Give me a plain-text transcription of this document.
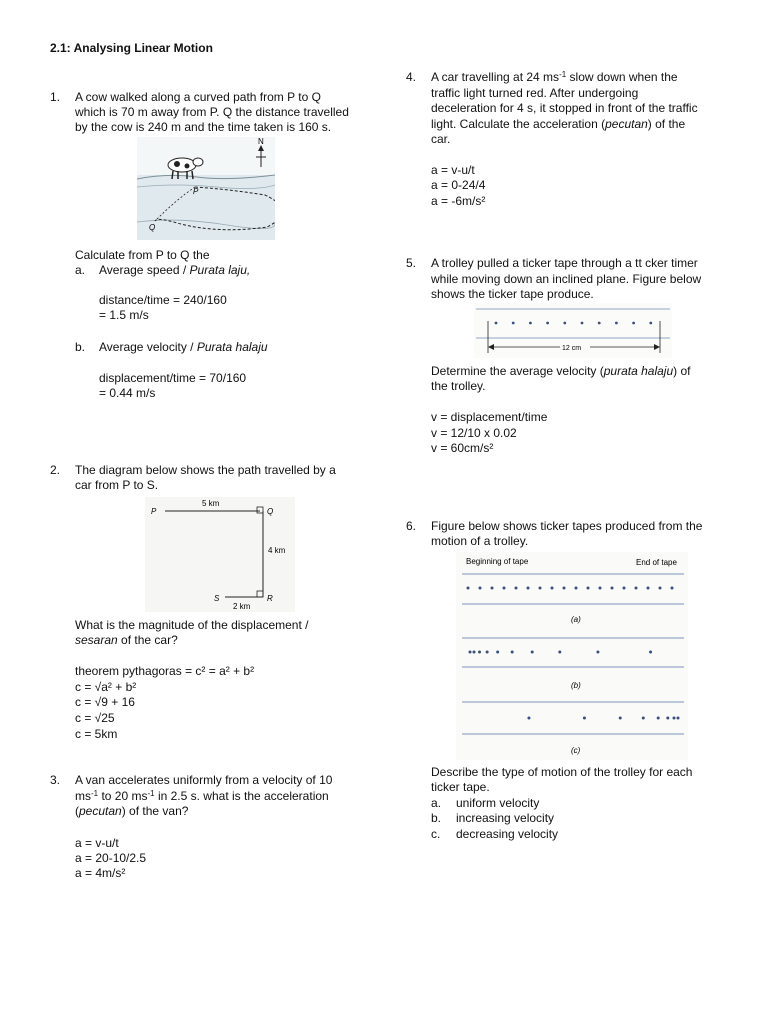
2.1: Analysing Linear Motion
1. A cow walked along a curved path from P to Q
which is 70 m away from P. Q the distance travelled
by the cow is 240 m and the time taken is 160 s.
N
P
Q
Calculate from P to Q the
a. Average speed / Purata laju,
distance/time = 240/160
= 1.5 m/s
b. Average velocity / Purata halaju
displacement/time = 70/160
= 0.44 m/s
2. The diagram below shows the path travelled by a
car from P to S.
P	Q
R
S
5 km
4 km
2 km
What is the magnitude of the displacement /
sesaran of the car?
theorem pythagoras = c² = a² + b²
c = √a² + b²
c = √9 + 16
c = √25
c = 5km
3. A van accelerates uniformly from a velocity of 10
$ms^{-1}$ to 20 $ms^{-1}$ in 2.5 s. what is the acceleration
(pecutan) of the van?
a = v-u/t
a = 20-10/2.5
a = 4m/s²
4. A car travelling at 24 $ms^{-1}$ slow down when the
traffic light turned red. After undergoing
deceleration for 4 s, it stopped in front of the traffic
light. Calculate the acceleration (pecutan) of the
car.
a = v-u/t
a = 0-24/4
a = -6m/s²
5. A trolley pulled a ticker tape through a tt cker timer
while moving down an inclined plane. Figure below
shows the ticker tape produce.
12 cm
Determine the average velocity (purata halaju) of
the trolley.
v = displacement/time
v = 12/10 x 0.02
v = 60cm/s²
6. Figure below shows ticker tapes produced from the
motion of a trolley.
Beginning of tape	End of tape
(a)
(b)
(c)
Describe the type of motion of the trolley for each
ticker tape.
a. uniform velocity
b. increasing velocity
c. decreasing velocity
